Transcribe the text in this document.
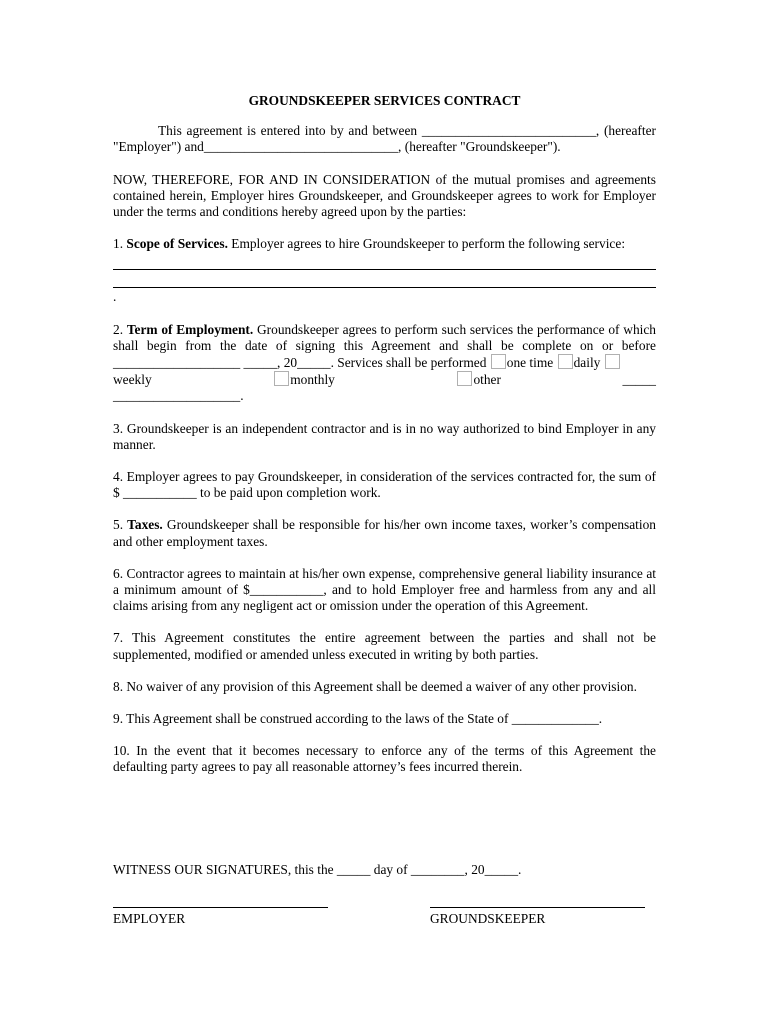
GROUNDSKEEPER SERVICES CONTRACT

This agreement is entered into by and between __________________________, (hereafter "Employer") and_____________________________, (hereafter "Groundskeeper").

NOW, THEREFORE, FOR AND IN CONSIDERATION of the mutual promises and agreements contained herein, Employer hires Groundskeeper, and Groundskeeper agrees to work for Employer under the terms and conditions hereby agreed upon by the parties:

1. Scope of Services. Employer agrees to hire Groundskeeper to perform the following service:

.

2. Term of Employment. Groundskeeper agrees to perform such services the performance of which shall begin from the date of signing this Agreement and shall be complete on or before ___________________ _____, 20_____. Services shall be performed one time daily

weekly	monthly	other	_____

___________________.

3. Groundskeeper is an independent contractor and is in no way authorized to bind Employer in any manner.

4. Employer agrees to pay Groundskeeper, in consideration of the services contracted for, the sum of $ ___________ to be paid upon completion work.

5. Taxes. Groundskeeper shall be responsible for his/her own income taxes, worker’s compensation and other employment taxes.

6. Contractor agrees to maintain at his/her own expense, comprehensive general liability insurance at a minimum amount of $___________, and to hold Employer free and harmless from any and all claims arising from any negligent act or omission under the operation of this Agreement.

7. This Agreement constitutes the entire agreement between the parties and shall not be supplemented, modified or amended unless executed in writing by both parties.

8. No waiver of any provision of this Agreement shall be deemed a waiver of any other provision.

9. This Agreement shall be construed according to the laws of the State of _____________.

10. In the event that it becomes necessary to enforce any of the terms of this Agreement the defaulting party agrees to pay all reasonable attorney’s fees incurred therein.

WITNESS OUR SIGNATURES, this the _____ day of ________, 20_____.

EMPLOYER	GROUNDSKEEPER
